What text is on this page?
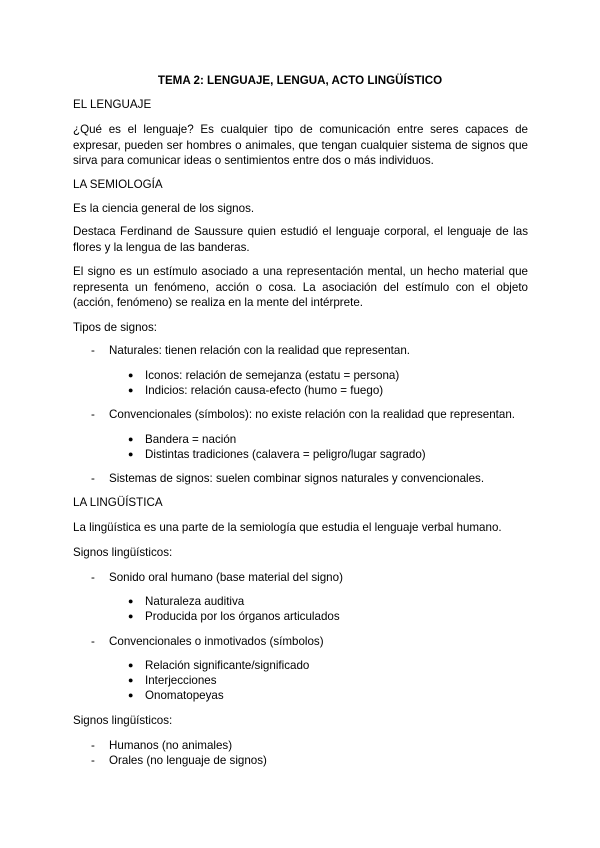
TEMA 2: LENGUAJE, LENGUA, ACTO LINGÜÍSTICO
EL LENGUAJE
¿Qué es el lenguaje? Es cualquier tipo de comunicación entre seres capaces de expresar, pueden ser hombres o animales, que tengan cualquier sistema de signos que sirva para comunicar ideas o sentimientos entre dos o más individuos.
LA SEMIOLOGÍA
Es la ciencia general de los signos.
Destaca Ferdinand de Saussure quien estudió el lenguaje corporal, el lenguaje de las flores y la lengua de las banderas.
El signo es un estímulo asociado a una representación mental, un hecho material que representa un fenómeno, acción o cosa. La asociación del estímulo con el objeto (acción, fenómeno) se realiza en la mente del intérprete.
Tipos de signos:
- Naturales: tienen relación con la realidad que representan.
● Iconos: relación de semejanza (estatu = persona)
● Indicios: relación causa-efecto (humo = fuego)
- Convencionales (símbolos): no existe relación con la realidad que representan.
● Bandera = nación
● Distintas tradiciones (calavera = peligro/lugar sagrado)
- Sistemas de signos: suelen combinar signos naturales y convencionales.
LA LINGÜÍSTICA
La lingüística es una parte de la semiología que estudia el lenguaje verbal humano.
Signos lingüísticos:
- Sonido oral humano (base material del signo)
● Naturaleza auditiva
● Producida por los órganos articulados
- Convencionales o inmotivados (símbolos)
● Relación significante/significado
● Interjecciones
● Onomatopeyas
Signos lingüísticos:
- Humanos (no animales)
- Orales (no lenguaje de signos)
